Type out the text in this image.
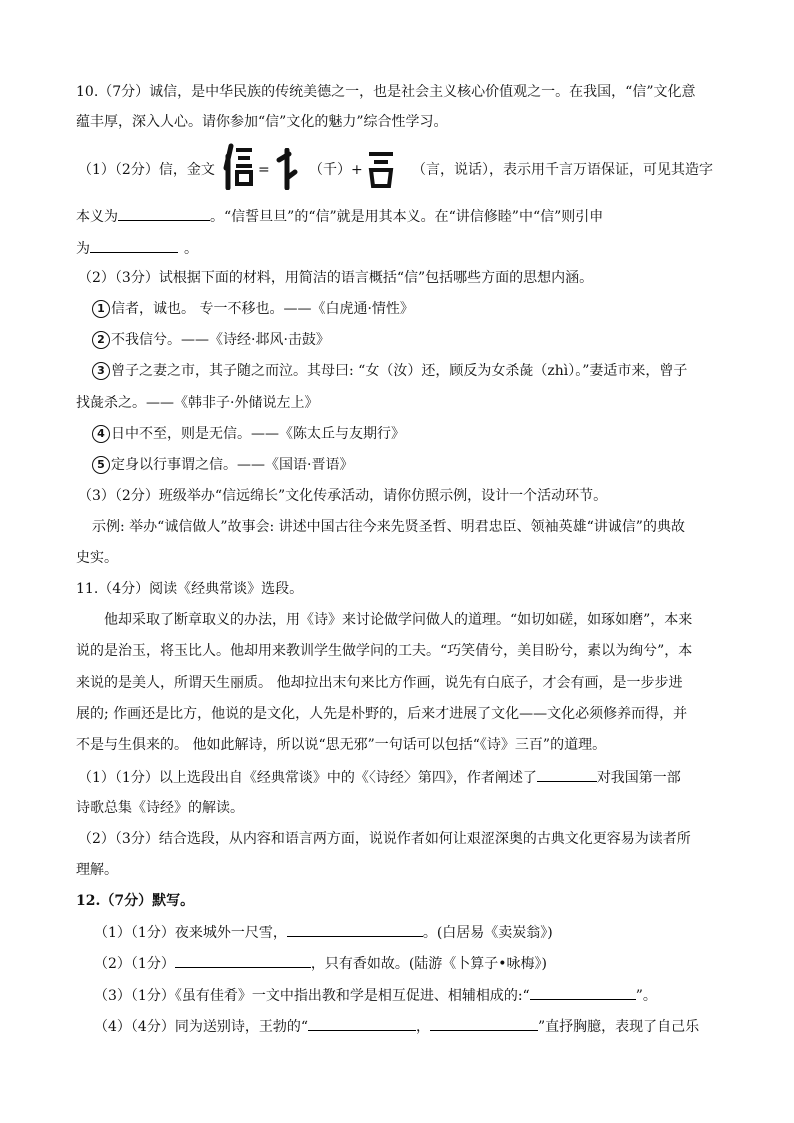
10.（7分）诚信，是中华民族的传统美德之一，也是社会主义核心价值观之一。在我国，“信”文化意
蕴丰厚，深入人心。请你参加“信”文化的魅力”综合性学习。
（1）（2分）信，金文	=	（千）+	（言，说话），表示用千言万语保证，可见其造字
本义为	。“信誓旦旦”的“信”就是用其本义。在“讲信修睦”中“信”则引申
为	。
（2）（3分）试根据下面的材料，用简洁的语言概括“信”包括哪些方面的思想内涵。
1 信者，诚也。 专一不移也。——《白虎通·情性》
2 不我信兮。——《诗经·邶风·击鼓》
3 曾子之妻之市，其子随之而泣。其母曰: “女（汝）还，顾反为女杀彘（zhì）。”妻适市来，曾子
找彘杀之。——《韩非子·外储说左上》
4 日中不至，则是无信。——《陈太丘与友期行》
5 定身以行事谓之信。——《国语·晋语》
（3）（2分）班级举办“信远绵长”文化传承活动，请你仿照示例，设计一个活动环节。
示例: 举办“诚信做人”故事会: 讲述中国古往今来先贤圣哲、明君忠臣、领袖英雄“讲诚信”的典故
史实。
11.（4分）阅读《经典常谈》选段。
他却采取了断章取义的办法，用《诗》来讨论做学问做人的道理。“如切如磋，如琢如磨”，本来
说的是治玉，将玉比人。他却用来教训学生做学问的工夫。“巧笑倩兮，美目盼兮，素以为绚兮”，本
来说的是美人，所谓天生丽质。 他却拉出末句来比方作画，说先有白底子，才会有画，是一步步进
展的; 作画还是比方，他说的是文化，人先是朴野的，后来才进展了文化——文化必须修养而得，并
不是与生俱来的。 他如此解诗，所以说“思无邪”一句话可以包括“《诗》三百”的道理。
（1）（1分）以上选段出自《经典常谈》中的《〈诗经〉第四》，作者阐述了	对我国第一部
诗歌总集《诗经》的解读。
（2）（3分）结合选段，从内容和语言两方面，说说作者如何让艰涩深奥的古典文化更容易为读者所
理解。
12.（7分）默写。
（1）（1分）夜来城外一尺雪，	。(白居易《卖炭翁》)
（2）（1分）	，只有香如故。(陆游《卜算子•咏梅》)
（3）（1分）《虽有佳肴》一文中指出教和学是相互促进、相辅相成的:“	”。
（4）（4分）同为送别诗，王勃的“	，	”直抒胸臆，表现了自己乐
